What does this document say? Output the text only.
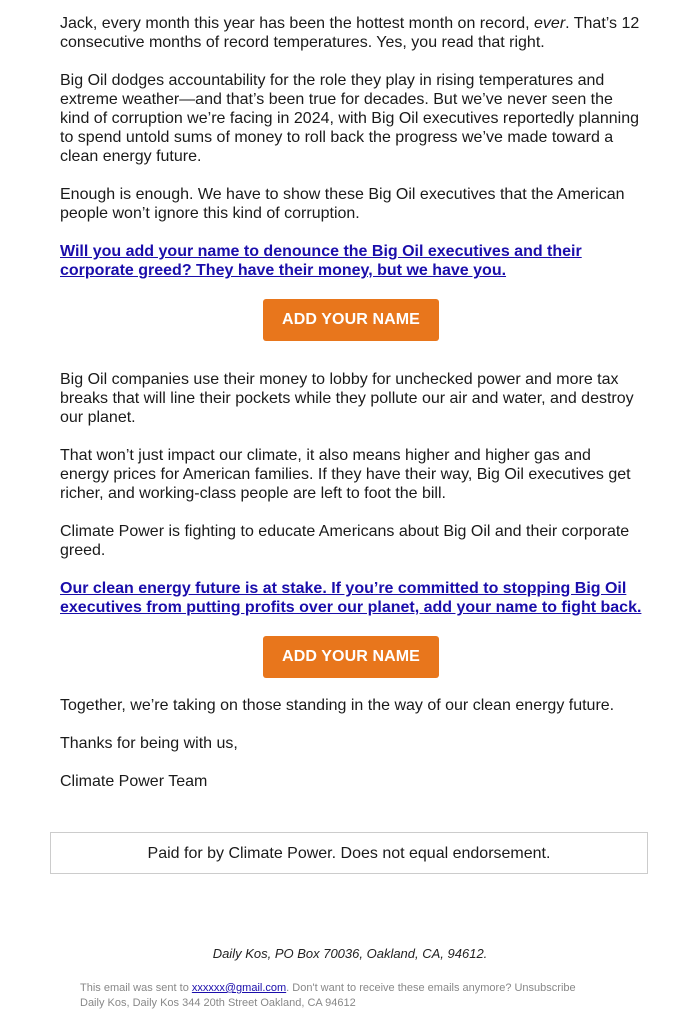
Jack, every month this year has been the hottest month on record, ever. That’s 12 consecutive months of record temperatures. Yes, you read that right.

Big Oil dodges accountability for the role they play in rising temperatures and extreme weather—and that’s been true for decades. But we’ve never seen the kind of corruption we’re facing in 2024, with Big Oil executives reportedly planning to spend untold sums of money to roll back the progress we’ve made toward a clean energy future.

Enough is enough. We have to show these Big Oil executives that the American people won’t ignore this kind of corruption.

Will you add your name to denounce the Big Oil executives and their corporate greed? They have their money, but we have you.
ADD YOUR NAME

Big Oil companies use their money to lobby for unchecked power and more tax breaks that will line their pockets while they pollute our air and water, and destroy our planet.

That won’t just impact our climate, it also means higher and higher gas and energy prices for American families. If they have their way, Big Oil executives get richer, and working-class people are left to foot the bill.

Climate Power is fighting to educate Americans about Big Oil and their corporate greed.

Our clean energy future is at stake. If you’re committed to stopping Big Oil executives from putting profits over our planet, add your name to fight back.
ADD YOUR NAME

Together, we’re taking on those standing in the way of our clean energy future.

Thanks for being with us,

Climate Power Team

Paid for by Climate Power. Does not equal endorsement.
Daily Kos, PO Box 70036, Oakland, CA, 94612.
This email was sent to xxxxxx@gmail.com. Don't want to receive these emails anymore? Unsubscribe
Daily Kos, Daily Kos 344 20th Street Oakland, CA 94612
